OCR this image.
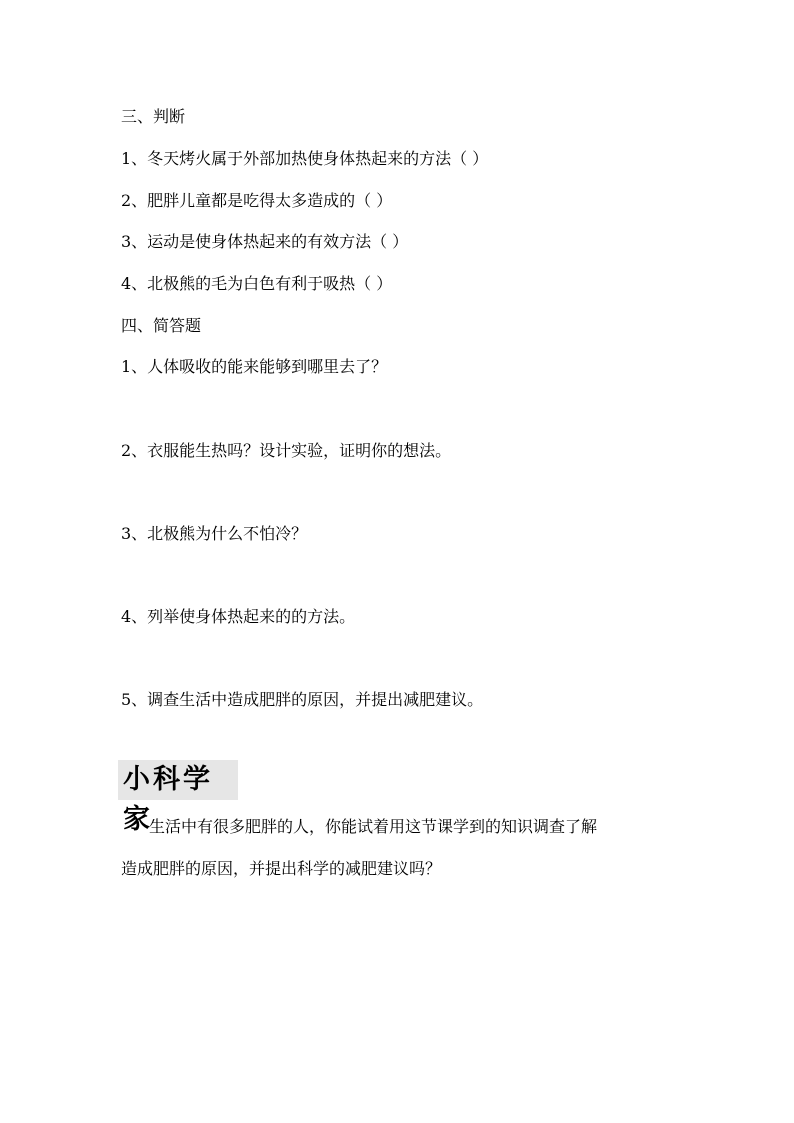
三、判断
1、冬天烤火属于外部加热使身体热起来的方法（ ）
2、肥胖儿童都是吃得太多造成的（ ）
3、运动是使身体热起来的有效方法（ ）
4、北极熊的毛为白色有利于吸热（ ）
四、简答题
1、人体吸收的能来能够到哪里去了？
2、衣服能生热吗？设计实验，证明你的想法。
3、北极熊为什么不怕冷？
4、列举使身体热起来的的方法。
5、调查生活中造成肥胖的原因，并提出减肥建议。
小科学家
生活中有很多肥胖的人，你能试着用这节课学到的知识调查了解
造成肥胖的原因，并提出科学的减肥建议吗？
